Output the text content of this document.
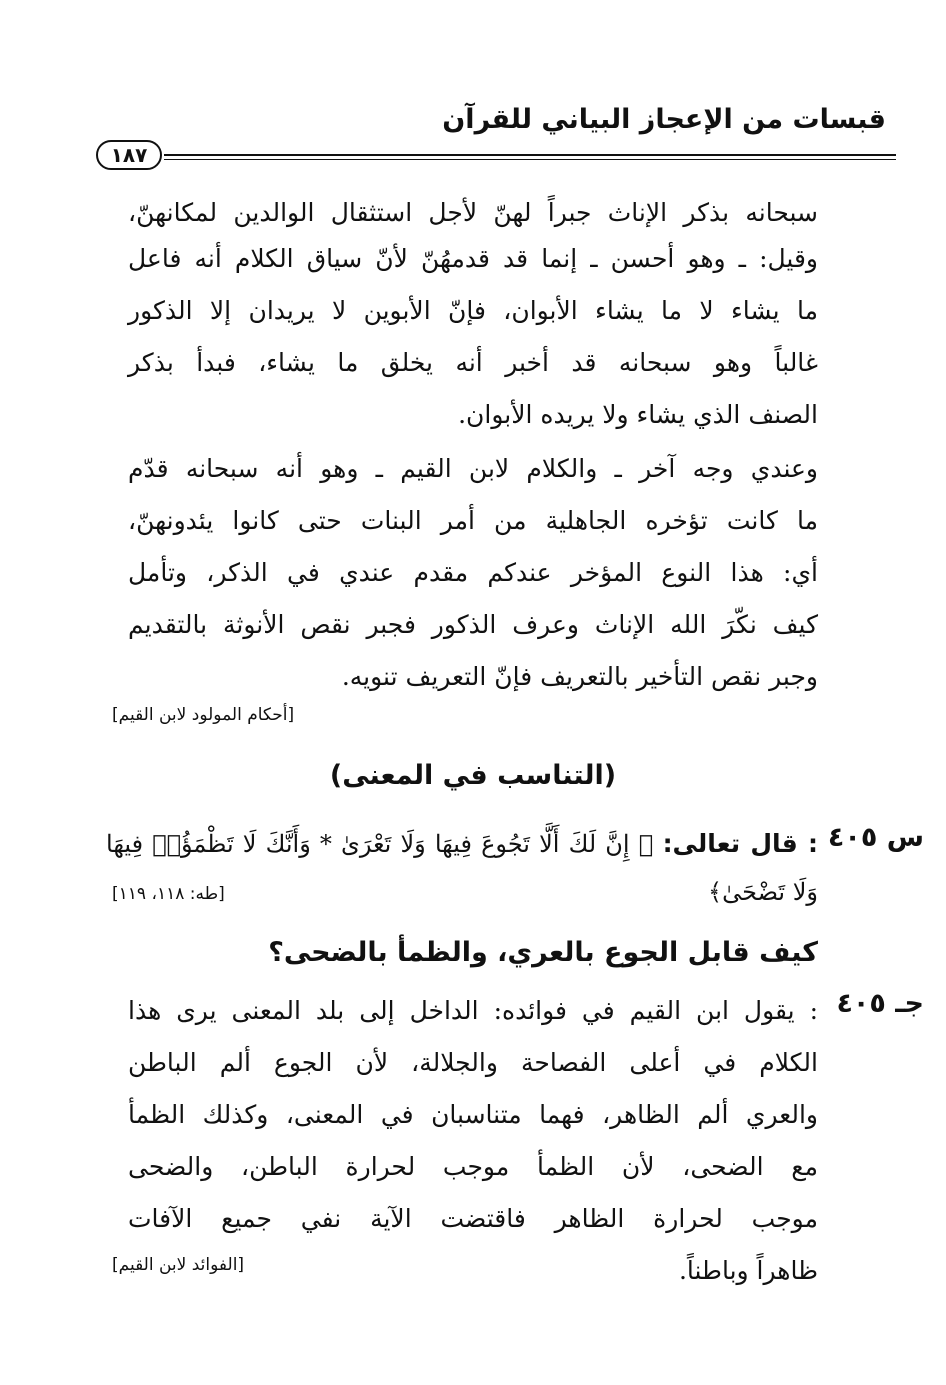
قبسات من الإعجاز البياني للقرآن
١٨٧
سبحانه بذكر الإناث جبراً لهنّ لأجل استثقال الوالدين لمكانهنّ،
وقيل: ـ وهو أحسن ـ إنما قد قدمهُنّ لأنّ سياق الكلام أنه فاعل
ما يشاء لا ما يشاء الأبوان، فإنّ الأبوين لا يريدان إلا الذكور
غالباً وهو سبحانه قد أخبر أنه يخلق ما يشاء، فبدأ بذكر
الصنف الذي يشاء ولا يريده الأبوان.
وعندي وجه آخر ـ والكلام لابن القيم ـ وهو أنه سبحانه قدّم
ما كانت تؤخره الجاهلية من أمر البنات حتى كانوا يئدونهنّ،
أي: هذا النوع المؤخر عندكم مقدم عندي في الذكر، وتأمل
كيف نكّرَ الله الإناث وعرف الذكور فجبر نقص الأنوثة بالتقديم
وجبر نقص التأخير بالتعريف فإنّ التعريف تنويه.
[أحكام المولود لابن القيم]
(التناسب في المعنى)
س ٤٠٥
: قال تعالى: ﴿ إِنَّ لَكَ أَلَّا تَجُوعَ فِيهَا وَلَا تَعْرَىٰ * وَأَنَّكَ لَا تَظْمَؤُا۟ فِيهَا
وَلَا تَضْحَىٰ﴾
[طه: ١١٨، ١١٩]
كيف قابل الجوع بالعري، والظمأ بالضحى؟
جـ ٤٠٥
: يقول ابن القيم في فوائده: الداخل إلى بلد المعنى يرى هذا
الكلام في أعلى الفصاحة والجلالة، لأن الجوع ألم الباطن
والعري ألم الظاهر، فهما متناسبان في المعنى، وكذلك الظمأ
مع الضحى، لأن الظمأ موجب لحرارة الباطن، والضحى
موجب لحرارة الظاهر فاقتضت الآية نفي جميع الآفات
ظاهراً وباطناً.
[الفوائد لابن القيم]
